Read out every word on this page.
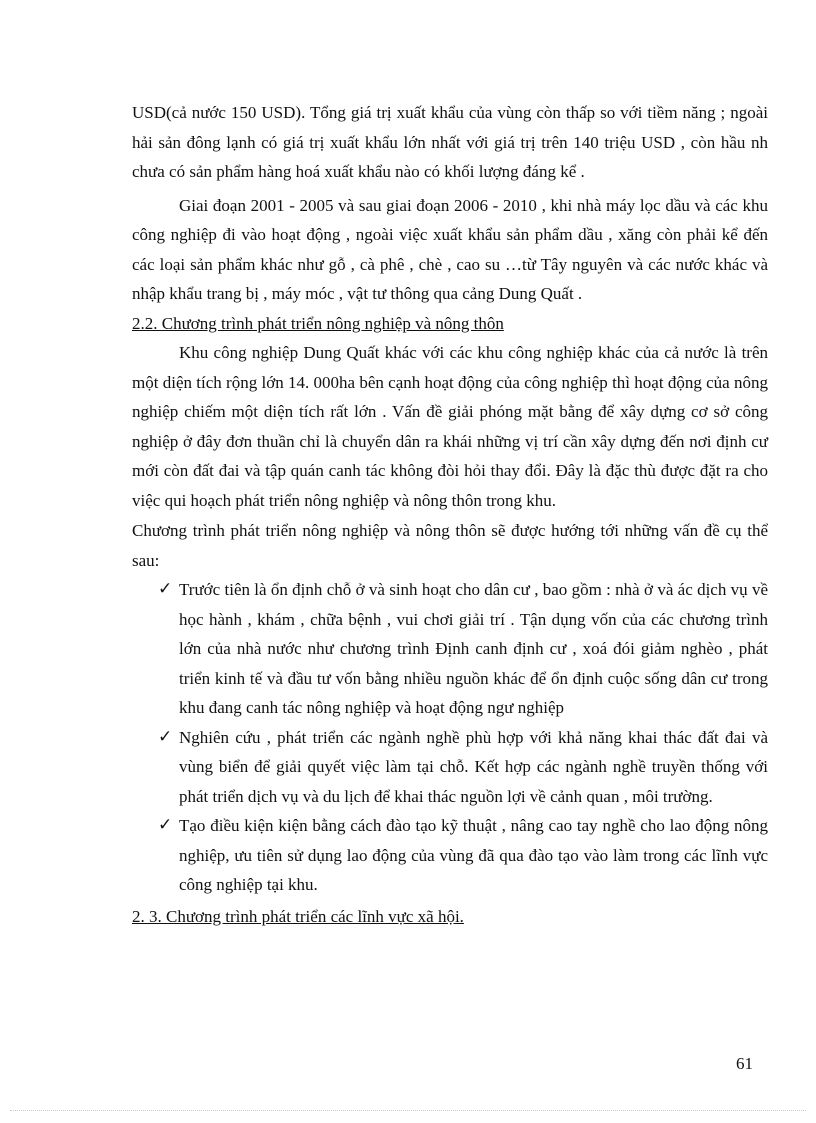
USD(cả nước 150 USD). Tổng giá trị xuất khẩu của vùng còn thấp so với tiềm năng ; ngoài hải sản đông lạnh có giá trị xuất khẩu lớn nhất với giá trị trên 140 triệu USD , còn hầu nh chưa có sản phẩm hàng hoá xuất khẩu nào có khối lượng đáng kể .

Giai đoạn 2001 - 2005 và sau giai đoạn 2006 - 2010 , khi nhà máy lọc dầu và các khu công nghiệp đi vào hoạt động , ngoài việc xuất khẩu sản phẩm dầu , xăng còn phải kể đến các loại sản phẩm khác như gỗ , cà phê , chè , cao su …từ Tây nguyên và các nước khác và nhập khẩu trang bị , máy móc , vật tư thông qua cảng Dung Quất .

2.2. Chương trình phát triển nông nghiệp và nông thôn

Khu công nghiệp Dung Quất khác với các khu công nghiệp khác của cả nước là trên một diện tích rộng lớn 14. 000ha bên cạnh hoạt động của công nghiệp thì hoạt động của nông nghiệp chiếm một diện tích rất lớn . Vấn đề giải phóng mặt bằng để xây dựng cơ sở công nghiệp ở đây đơn thuần chỉ là chuyển dân ra khái những vị trí cần xây dựng đến nơi định cư mới còn đất đai và tập quán canh tác không đòi hỏi thay đổi. Đây là đặc thù được đặt ra cho việc qui hoạch phát triển nông nghiệp và nông thôn trong khu.

Chương trình phát triển nông nghiệp và nông thôn sẽ được hướng tới những vấn đề cụ thể sau:

✓ Trước tiên là ổn định chỗ ở và sinh hoạt cho dân cư , bao gồm : nhà ở và ác dịch vụ về học hành , khám , chữa bệnh , vui chơi giải trí . Tận dụng vốn của các chương trình lớn của nhà nước như chương trình Định canh định cư , xoá đói giảm nghèo , phát triển kinh tế và đầu tư vốn bằng nhiều nguồn khác để ổn định cuộc sống dân cư trong khu đang canh tác nông nghiệp và hoạt động ngư nghiệp
✓ Nghiên cứu , phát triển các ngành nghề phù hợp với khả năng khai thác đất đai và vùng biển để giải quyết việc làm tại chỗ. Kết hợp các ngành nghề truyền thống với phát triển dịch vụ và du lịch để khai thác nguồn lợi về cảnh quan , môi trường.
✓ Tạo điều kiện kiện bằng cách đào tạo kỹ thuật , nâng cao tay nghề cho lao động nông nghiệp, ưu tiên sử dụng lao động của vùng đã qua đào tạo vào làm trong các lĩnh vực công nghiệp tại khu.

2. 3. Chương trình phát triển các lĩnh vực xã hội.

61
